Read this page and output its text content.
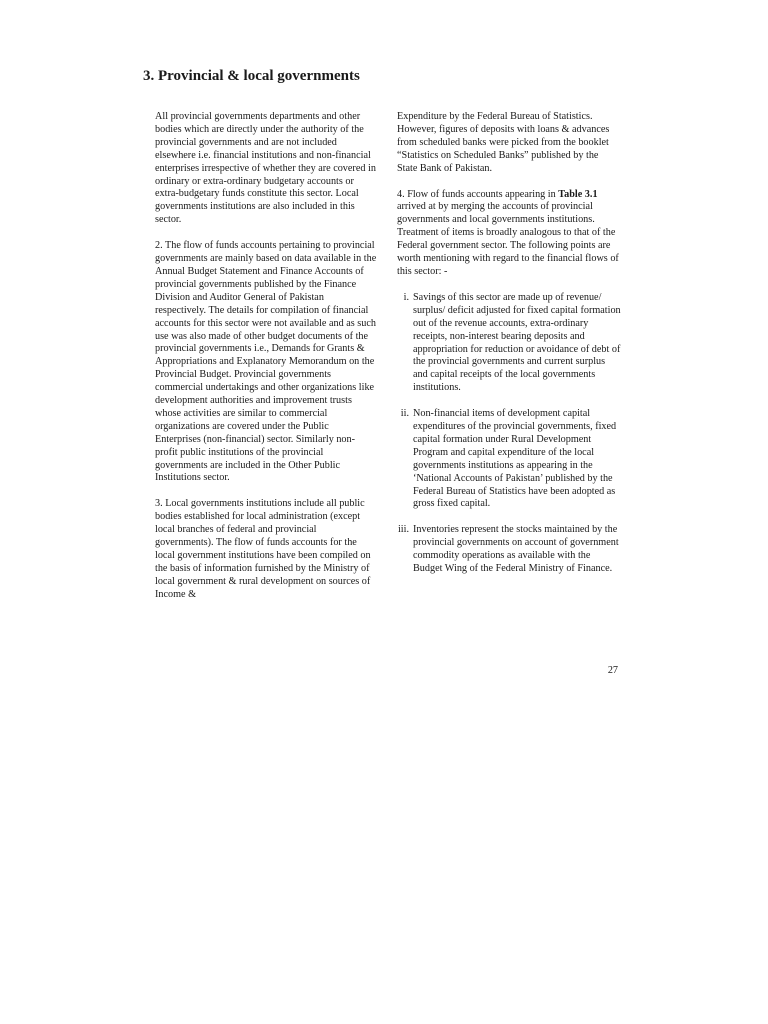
3. Provincial & local governments

All provincial governments departments and other bodies which are directly under the authority of the provincial governments and are not included elsewhere i.e. financial institutions and non-financial enterprises irrespective of whether they are covered in ordinary or extra-ordinary budgetary accounts or extra-budgetary funds constitute this sector. Local governments institutions are also included in this sector.

2. The flow of funds accounts pertaining to provincial governments are mainly based on data available in the Annual Budget Statement and Finance Accounts of provincial governments published by the Finance Division and Auditor General of Pakistan respectively. The details for compilation of financial accounts for this sector were not available and as such use was also made of other budget documents of the provincial governments i.e., Demands for Grants & Appropriations and Explanatory Memorandum on the Provincial Budget. Provincial governments commercial undertakings and other organizations like development authorities and improvement trusts whose activities are similar to commercial organizations are covered under the Public Enterprises (non-financial) sector. Similarly non-profit public institutions of the provincial governments are included in the Other Public Institutions sector.

3. Local governments institutions include all public bodies established for local administration (except local branches of federal and provincial governments). The flow of funds accounts for the local government institutions have been compiled on the basis of information furnished by the Ministry of local government & rural development on sources of Income &

Expenditure by the Federal Bureau of Statistics. However, figures of deposits with loans & advances from scheduled banks were picked from the booklet “Statistics on Scheduled Banks” published by the State Bank of Pakistan.

4. Flow of funds accounts appearing in Table 3.1 arrived at by merging the accounts of provincial governments and local governments institutions. Treatment of items is broadly analogous to that of the Federal government sector. The following points are worth mentioning with regard to the financial flows of this sector: -

i. Savings of this sector are made up of revenue/ surplus/ deficit adjusted for fixed capital formation out of the revenue accounts, extra-ordinary receipts, non-interest bearing deposits and appropriation for reduction or avoidance of debt of the provincial governments and current surplus and capital receipts of the local governments institutions.
ii. Non-financial items of development capital expenditures of the provincial governments, fixed capital formation under Rural Development Program and capital expenditure of the local governments institutions as appearing in the ‘National Accounts of Pakistan’ published by the Federal Bureau of Statistics have been adopted as gross fixed capital.
iii. Inventories represent the stocks maintained by the provincial governments on account of government commodity operations as available with the Budget Wing of the Federal Ministry of Finance.
27
